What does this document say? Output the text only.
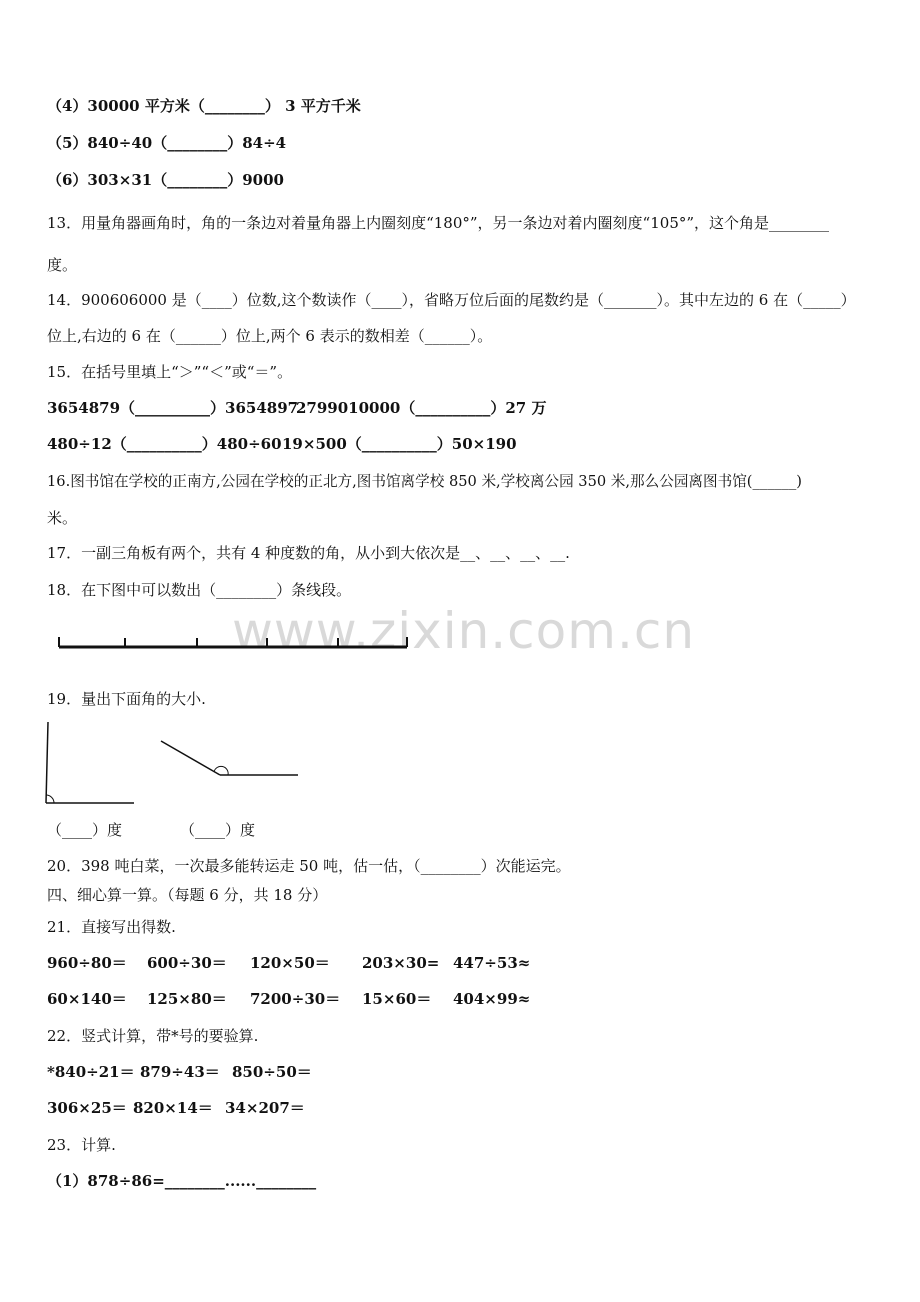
www.zixin.com.cn
（4）30000 平方米（________） 3 平方千米
（5）840÷40（________）84÷4
（6）303×31（________）9000
13．用量角器画角时，角的一条边对着量角器上内圈刻度“180°”，另一条边对着内圈刻度“105°”，这个角是________
度。
14．900606000 是（____）位数,这个数读作（____），省略万位后面的尾数约是（_______）。其中左边的 6 在（_____）
位上,右边的 6 在（______）位上,两个 6 表示的数相差（______）。
15．在括号里填上“＞”“＜”或“＝”。
3654879（__________）3654897
2799010000（__________）27 万
480÷12（__________）480÷60 19×500（__________）50×190
16.图书馆在学校的正南方,公园在学校的正北方,图书馆离学校 850 米,学校离公园 350 米,那么公园离图书馆(______)
米。
17．一副三角板有两个，共有 4 种度数的角，从小到大依次是__、__、__、__.
18．在下图中可以数出（________）条线段。
19．量出下面角的大小.
（____）度	（____）度
20．398 吨白菜，一次最多能转运走 50 吨，估一估，（________）次能运完。
四、细心算一算。（每题 6 分，共 18 分）
21．直接写出得数.
960÷80＝ 600÷30＝ 120×50＝ 203×30= 447÷53≈
60×140＝ 125×80＝ 7200÷30＝ 15×60＝ 404×99≈
22．竖式计算，带*号的要验算.
*840÷21＝ 879÷43＝ 850÷50＝
306×25＝ 820×14＝ 34×207＝
23．计算.
（1）878÷86=________......________
